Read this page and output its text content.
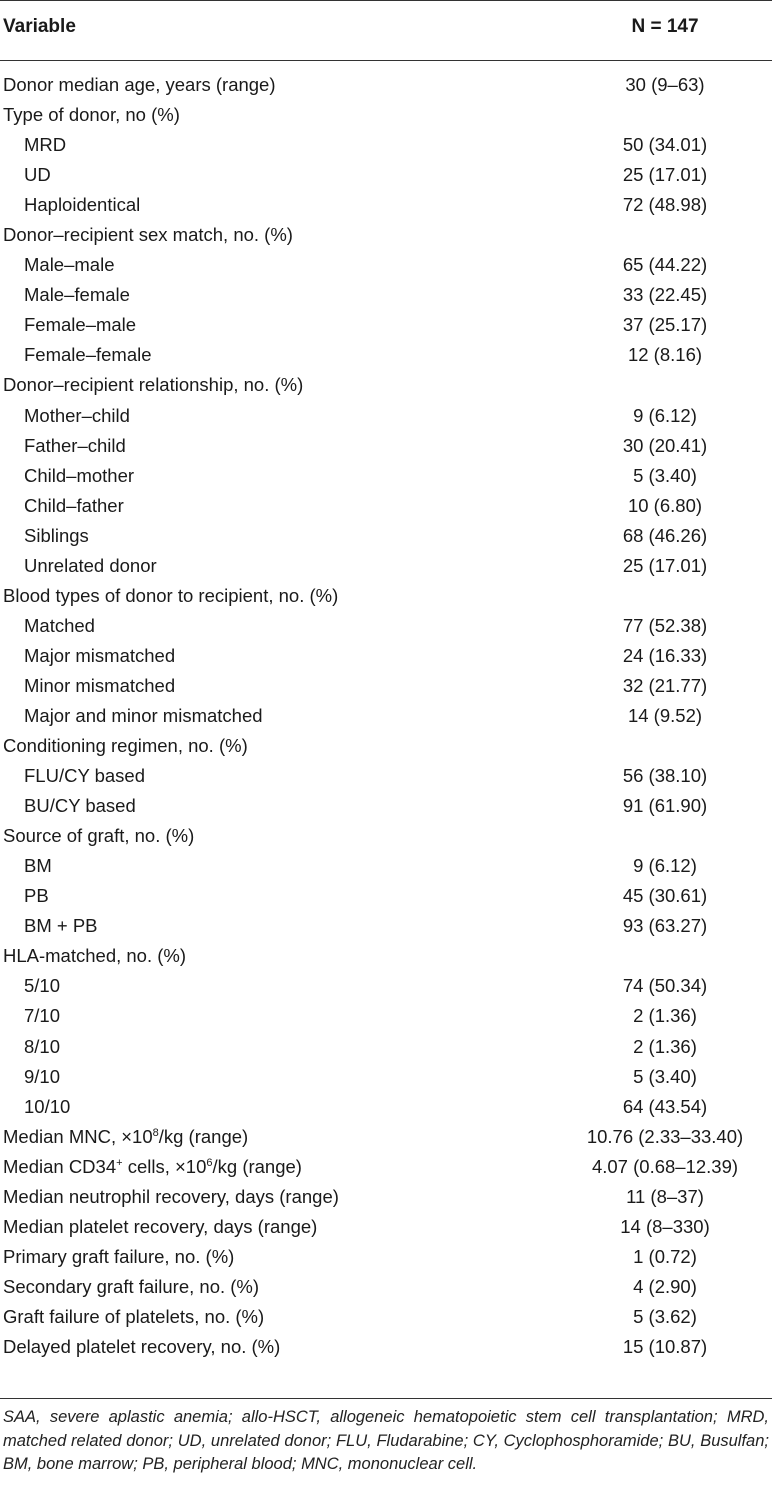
Variable	N = 147
Donor median age, years (range)	30 (9–63)
Type of donor, no (%)
MRD	50 (34.01)
UD	25 (17.01)
Haploidentical	72 (48.98)
Donor–recipient sex match, no. (%)
Male–male	65 (44.22)
Male–female	33 (22.45)
Female–male	37 (25.17)
Female–female	12 (8.16)
Donor–recipient relationship, no. (%)
Mother–child	9 (6.12)
Father–child	30 (20.41)
Child–mother	5 (3.40)
Child–father	10 (6.80)
Siblings	68 (46.26)
Unrelated donor	25 (17.01)
Blood types of donor to recipient, no. (%)
Matched	77 (52.38)
Major mismatched	24 (16.33)
Minor mismatched	32 (21.77)
Major and minor mismatched	14 (9.52)
Conditioning regimen, no. (%)
FLU/CY based	56 (38.10)
BU/CY based	91 (61.90)
Source of graft, no. (%)
BM	9 (6.12)
PB	45 (30.61)
BM + PB	93 (63.27)
HLA-matched, no. (%)
5/10	74 (50.34)
7/10	2 (1.36)
8/10	2 (1.36)
9/10	5 (3.40)
10/10	64 (43.54)
Median MNC, $\times 10^8/kg$ (range)	10.76 (2.33–33.40)
Median CD34+ cells, $\times 10^6/kg$ (range)	4.07 (0.68–12.39)
Median neutrophil recovery, days (range)	11 (8–37)
Median platelet recovery, days (range)	14 (8–330)
Primary graft failure, no. (%)	1 (0.72)
Secondary graft failure, no. (%)	4 (2.90)
Graft failure of platelets, no. (%)	5 (3.62)
Delayed platelet recovery, no. (%)	15 (10.87)
SAA, severe aplastic anemia; allo-HSCT, allogeneic hematopoietic stem cell transplantation; MRD, matched related donor; UD, unrelated donor; FLU, Fludarabine; CY, Cyclophosphoramide; BU, Busulfan; BM, bone marrow; PB, peripheral blood; MNC, mononuclear cell.
